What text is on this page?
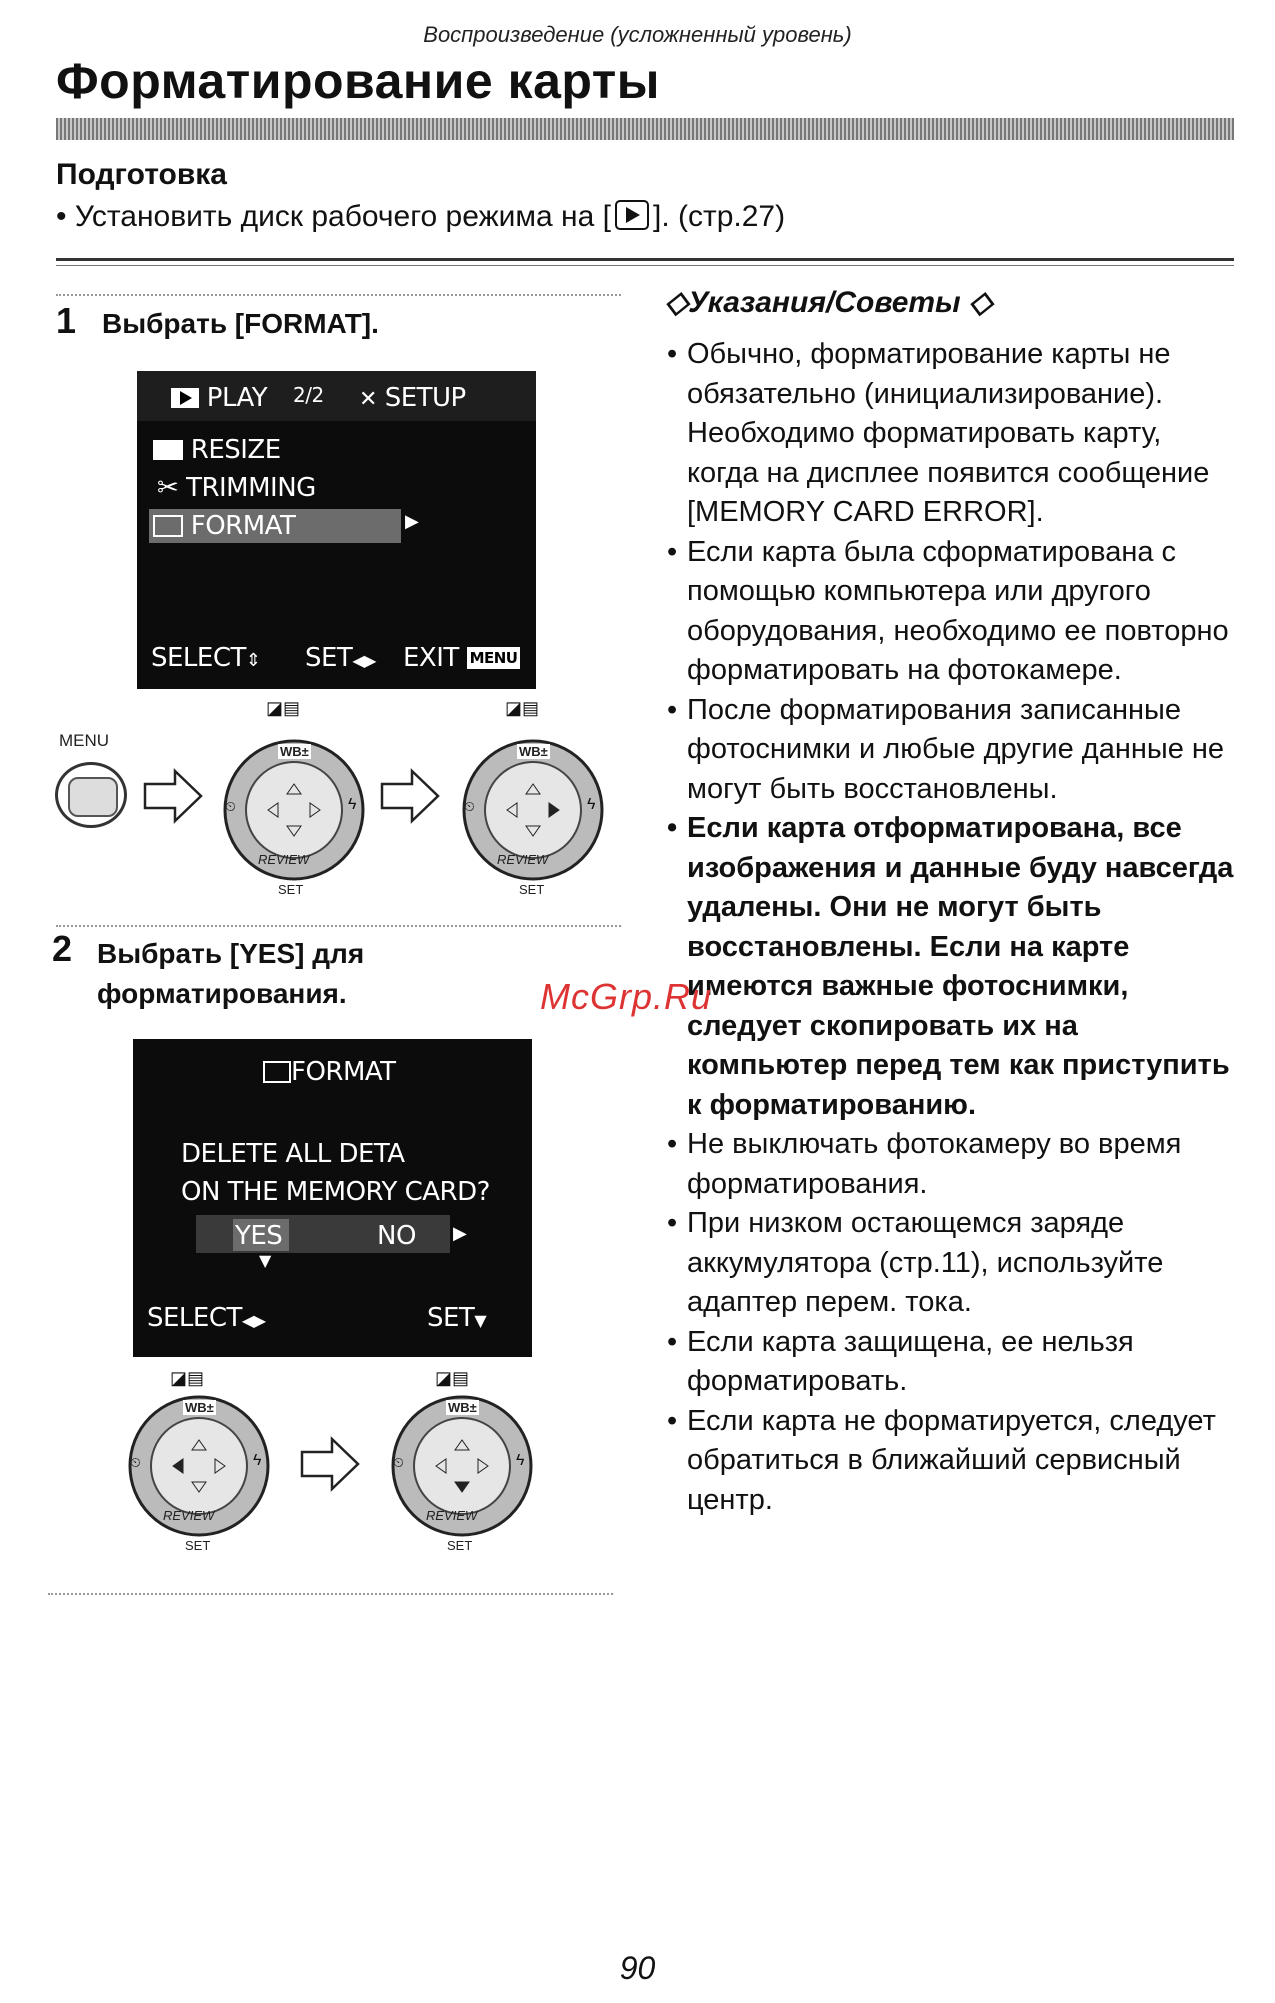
Воспроизведение (усложненный уровень)
Форматирование карты
Подготовка
• Установить диск рабочего режима на [ ]. (стр.27)
1 Выбрать [FORMAT].
PLAY 2/2 ✕ SETUP
RESIZE
✂ TRIMMING
FORMAT	▶
SELECT⇕ SET◀▶ EXIT MENU
MENU
WB±
REVIEW
⏲	ϟ
SET
◪▤
WB±
REVIEW
⏲	ϟ
SET
◪▤
2 Выбрать [YES] для
форматирования.
FORMAT
DELETE ALL DETA
ON THE MEMORY CARD?
YES	NO ▶
▼
SELECT◀▶	SET▼
◪▤
WB±
REVIEW
⏲	ϟ
SET
◪▤
WB±
REVIEW
⏲	ϟ
SET
◇Указания/Советы ◇
• Обычно, форматирование карты не обязательно (инициализирование). Необходимо форматировать карту, когда на дисплее появится сообщение [MEMORY CARD ERROR].
• Если карта была сформатирована с помощью компьютера или другого оборудования, необходимо ее повторно форматировать на фотокамере.
• После форматирования записанные фотоснимки и любые другие данные не могут быть восстановлены.
• Если карта отформатирована, все изображения и данные буду навсегда удалены. Они не могут быть восстановлены. Если на карте имеются важные фотоснимки, следует скопировать их на компьютер перед тем как приступить к форматированию.
• Не выключать фотокамеру во время форматирования.
• При низком остающемся заряде аккумулятора (стр.11), используйте адаптер перем. тока.
• Если карта защищена, ее нельзя форматировать.
• Если карта не форматируется, следует обратиться в ближайший сервисный центр.
McGrp.Ru
90
